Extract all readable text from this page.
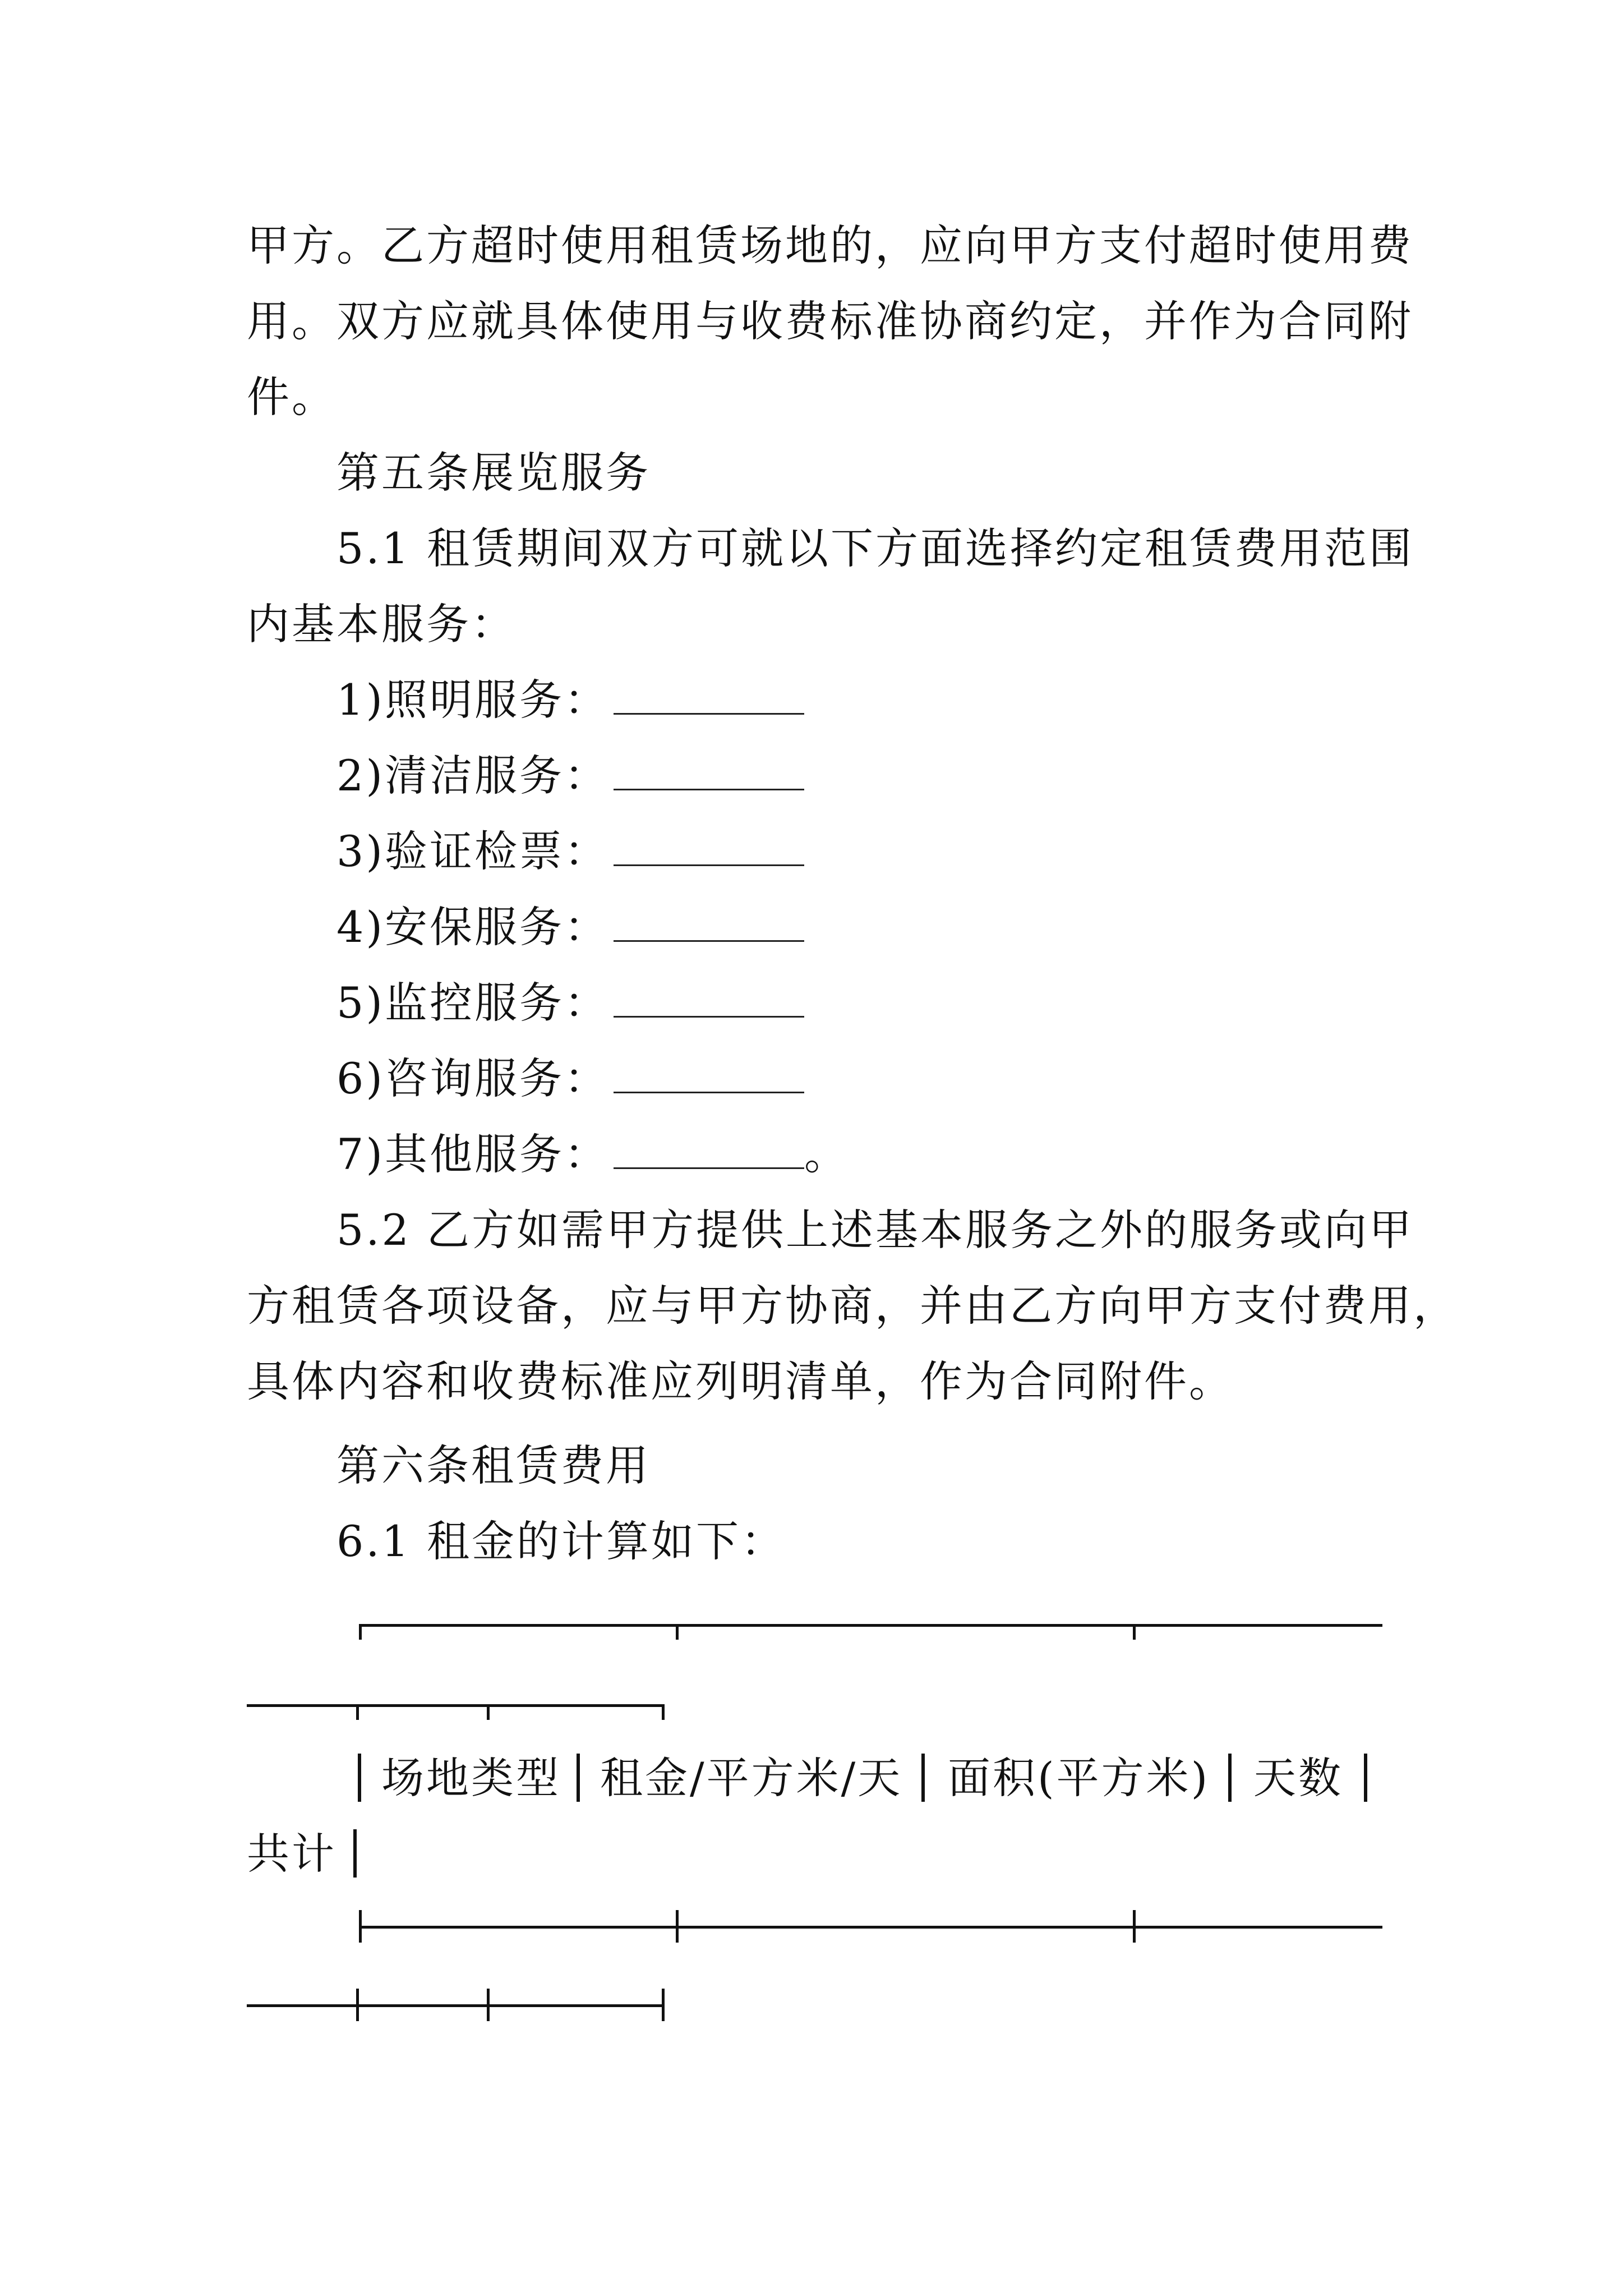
甲方。乙方超时使用租赁场地的，应向甲方支付超时使用费

用。双方应就具体使用与收费标准协商约定，并作为合同附

件。

第五条展览服务

5.1 租赁期间双方可就以下方面选择约定租赁费用范围

内基本服务：

1)照明服务：

2)清洁服务：

3)验证检票：

4)安保服务：

5)监控服务：

6)咨询服务：

7)其他服务：	。

5.2 乙方如需甲方提供上述基本服务之外的服务或向甲

方租赁各项设备，应与甲方协商，并由乙方向甲方支付费用，

具体内容和收费标准应列明清单，作为合同附件。

第六条租赁费用

6.1 租金的计算如下：

场地类型 租金/平方米/天 面积(平方米) 天数

共计
